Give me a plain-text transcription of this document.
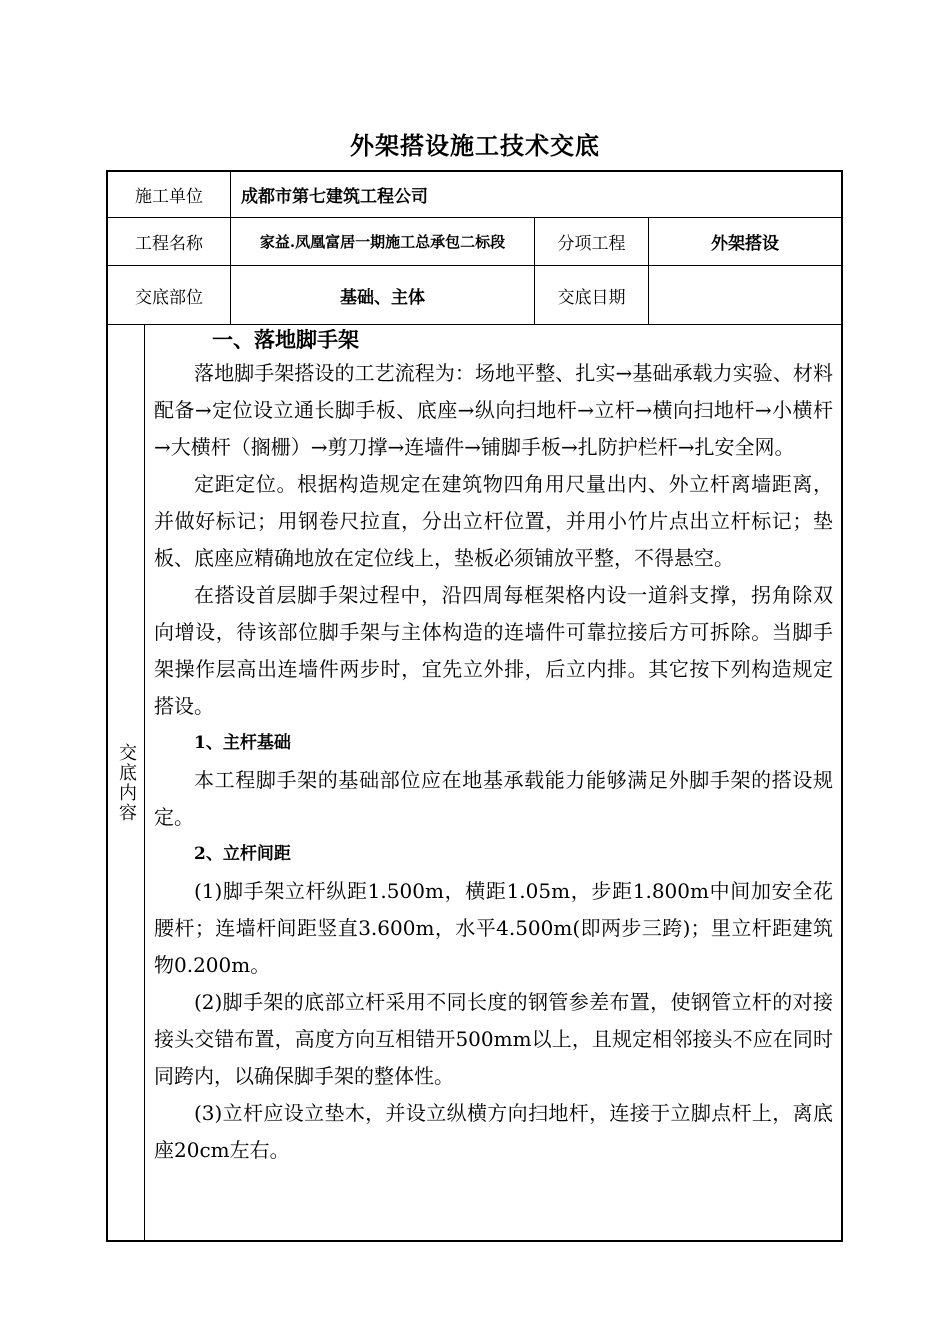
外架搭设施工技术交底
施工单位	成都市第七建筑工程公司
工程名称	家益.凤凰富居一期施工总承包二标段	分项工程	外架搭设
交底部位	基础、主体	交底日期
交底内容
一、落地脚手架

落地脚手架搭设的工艺流程为：场地平整、扎实→基础承载力实验、材料配备→定位设立通长脚手板、底座→纵向扫地杆→立杆→横向扫地杆→小横杆→大横杆（搁栅）→剪刀撑→连墙件→铺脚手板→扎防护栏杆→扎安全网。

定距定位。根据构造规定在建筑物四角用尺量出内、外立杆离墙距离，并做好标记；用钢卷尺拉直，分出立杆位置，并用小竹片点出立杆标记；垫板、底座应精确地放在定位线上，垫板必须铺放平整，不得悬空。

在搭设首层脚手架过程中，沿四周每框架格内设一道斜支撑，拐角除双向增设，待该部位脚手架与主体构造的连墙件可靠拉接后方可拆除。当脚手架操作层高出连墙件两步时，宜先立外排，后立内排。其它按下列构造规定搭设。

1、主杆基础

本工程脚手架的基础部位应在地基承载能力能够满足外脚手架的搭设规定。

2、立杆间距

(1)脚手架立杆纵距1.500m，横距1.05m，步距1.800m中间加安全花腰杆；连墙杆间距竖直3.600m，水平4.500m(即两步三跨)；里立杆距建筑物0.200m。

(2)脚手架的底部立杆采用不同长度的钢管参差布置，使钢管立杆的对接接头交错布置，高度方向互相错开500mm以上，且规定相邻接头不应在同时同跨内，以确保脚手架的整体性。

(3)立杆应设立垫木，并设立纵横方向扫地杆，连接于立脚点杆上，离底座20cm左右。
